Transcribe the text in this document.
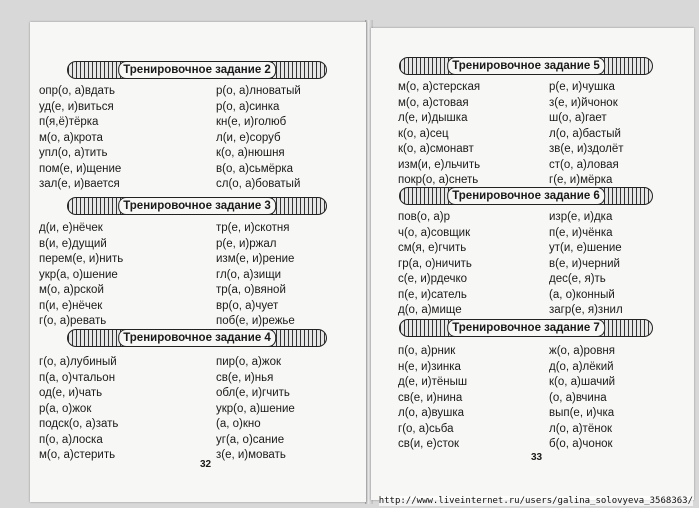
Тренировочное задание 2
опр(о, а)вдать
уд(е, и)виться
п(я,ё)тёрка
м(о, а)крота
упл(о, а)тить
пом(е, и)щение
зал(е, и)вается
р(о, а)лноватый
р(о, а)синка
кн(е, и)голюб
л(и, е)соруб
к(о, а)нюшня
в(о, а)сьмёрка
сл(о, а)боватый
Тренировочное задание 3
д(и, е)нёчек
в(и, е)дущий
перем(е, и)нить
укр(а, о)шение
м(о, а)рской
п(и, е)нёчек
г(о, а)ревать
тр(е, и)скотня
р(е, и)ржал
изм(е, и)рение
гл(о, а)зищи
тр(а, о)вяной
вр(о, а)чует
поб(е, и)режье
Тренировочное задание 4
г(о, а)лубиный
п(а, о)чтальон
од(е, и)чать
р(а, о)жок
подск(о, а)зать
п(о, а)лоска
м(о, а)стерить
пир(о, а)жок
св(е, и)нья
обл(е, и)гчить
укр(о, а)шение
(а, о)кно
уг(а, о)сание
з(е, и)мовать
32
Тренировочное задание 5
м(о, а)стерская
м(о, а)стовая
л(е, и)дышка
к(о, а)сец
к(о, а)смонавт
изм(и, е)льчить
покр(о, а)снеть
р(е, и)чушка
з(е, и)йчонок
ш(о, а)гает
л(о, а)бастый
зв(е, и)здолёт
ст(о, а)ловая
г(е, и)мёрка
Тренировочное задание 6
пов(о, а)р
ч(о, а)совщик
см(я, е)гчить
гр(а, о)ничить
с(е, и)рдечко
п(е, и)сатель
д(о, а)мище
изр(е, и)дка
п(е, и)чёнка
ут(и, е)шение
в(е, и)черний
дес(е, я)ть
(а, о)конный
загр(е, я)знил
Тренировочное задание 7
п(о, а)рник
н(е, и)зинка
д(е, и)тёныш
св(е, и)нина
л(о, а)вушка
г(о, а)сьба
св(и, е)сток
ж(о, а)ровня
д(о, а)лёкий
к(о, а)шачий
(о, а)вчина
вып(е, и)чка
л(о, а)тёнок
б(о, а)чонок
33
http://www.liveinternet.ru/users/galina_solovyeva_3568363/
